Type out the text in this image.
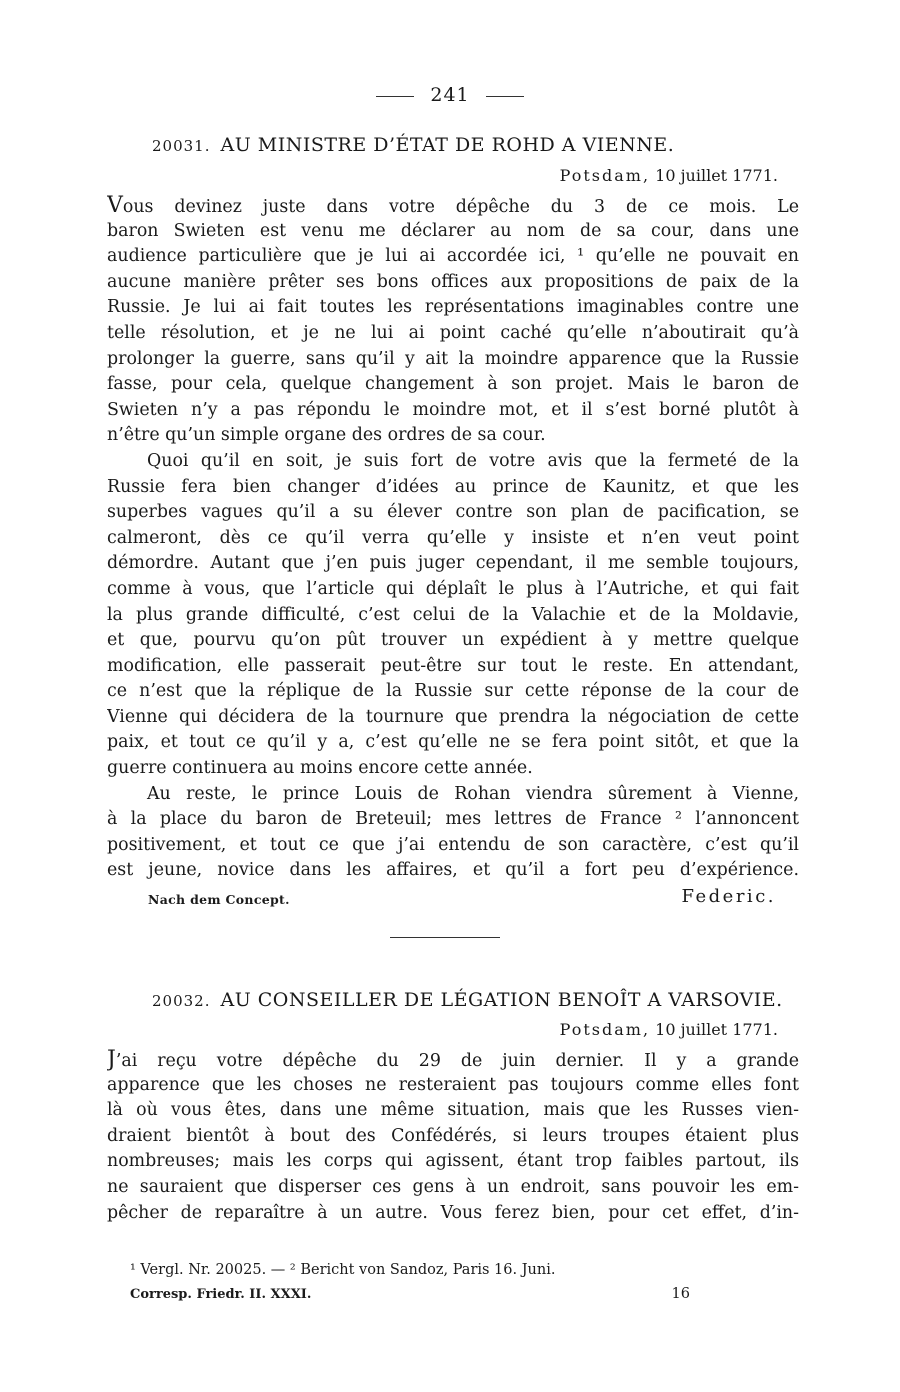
241
20031. AU MINISTRE D’ÉTAT DE ROHD A VIENNE.
Potsdam, 10 juillet 1771.
Vous devinez juste dans votre dépêche du 3 de ce mois. Le
baron Swieten est venu me déclarer au nom de sa cour, dans une
audience particulière que je lui ai accordée ici, ¹ qu’elle ne pouvait en
aucune manière prêter ses bons offices aux propositions de paix de la
Russie. Je lui ai fait toutes les représentations imaginables contre une
telle résolution, et je ne lui ai point caché qu’elle n’aboutirait qu’à
prolonger la guerre, sans qu’il y ait la moindre apparence que la Russie
fasse, pour cela, quelque changement à son projet. Mais le baron de
Swieten n’y a pas répondu le moindre mot, et il s’est borné plutôt à
n’être qu’un simple organe des ordres de sa cour.
Quoi qu’il en soit, je suis fort de votre avis que la fermeté de la
Russie fera bien changer d’idées au prince de Kaunitz, et que les
superbes vagues qu’il a su élever contre son plan de pacification, se
calmeront, dès ce qu’il verra qu’elle y insiste et n’en veut point
démordre. Autant que j’en puis juger cependant, il me semble toujours,
comme à vous, que l’article qui déplaît le plus à l’Autriche, et qui fait
la plus grande difficulté, c’est celui de la Valachie et de la Moldavie,
et que, pourvu qu’on pût trouver un expédient à y mettre quelque
modification, elle passerait peut-être sur tout le reste. En attendant,
ce n’est que la réplique de la Russie sur cette réponse de la cour de
Vienne qui décidera de la tournure que prendra la négociation de cette
paix, et tout ce qu’il y a, c’est qu’elle ne se fera point sitôt, et que la
guerre continuera au moins encore cette année.
Au reste, le prince Louis de Rohan viendra sûrement à Vienne,
à la place du baron de Breteuil; mes lettres de France ² l’annoncent
positivement, et tout ce que j’ai entendu de son caractère, c’est qu’il
est jeune, novice dans les affaires, et qu’il a fort peu d’expérience.
Nach dem Concept.	Federic.
20032. AU CONSEILLER DE LÉGATION BENOÎT A VARSOVIE.
Potsdam, 10 juillet 1771.
J’ai reçu votre dépêche du 29 de juin dernier. Il y a grande
apparence que les choses ne resteraient pas toujours comme elles font
là où vous êtes, dans une même situation, mais que les Russes vien-
draient bientôt à bout des Confédérés, si leurs troupes étaient plus
nombreuses; mais les corps qui agissent, étant trop faibles partout, ils
ne sauraient que disperser ces gens à un endroit, sans pouvoir les em-
pêcher de reparaître à un autre. Vous ferez bien, pour cet effet, d’in-
¹ Vergl. Nr. 20025. — ² Bericht von Sandoz, Paris 16. Juni.
Corresp. Friedr. II. XXXI.	16
